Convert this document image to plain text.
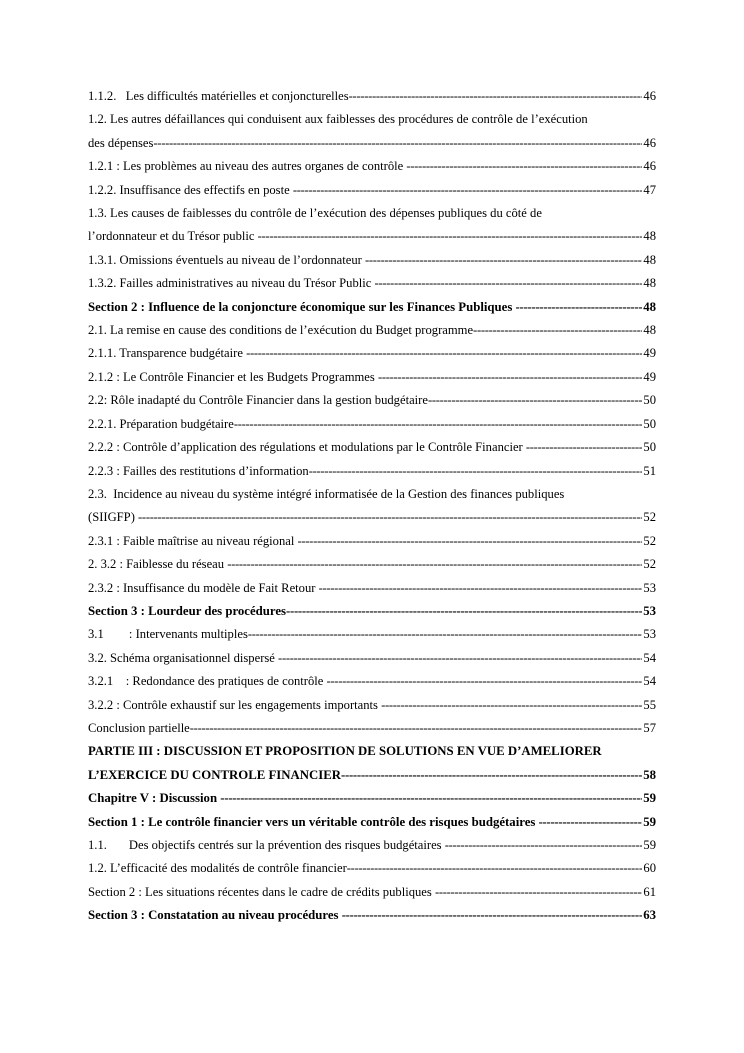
1.1.2.   Les difficultés matérielles et conjoncturelles -----	46
1.2. Les autres défaillances qui conduisent aux faiblesses des procédures de contrôle de l’exécution
des dépenses -----	46
1.2.1 : Les problèmes au niveau des autres organes de contrôle -----	46
1.2.2. Insuffisance des effectifs en poste -----	47
1.3. Les causes de faiblesses du contrôle de l’exécution des dépenses publiques du côté de
l’ordonnateur et du Trésor public -----	48
1.3.1. Omissions éventuels au niveau de l’ordonnateur -----	48
1.3.2. Failles administratives au niveau du Trésor Public -----	48
Section 2 : Influence de la conjoncture économique sur les Finances Publiques -----	48
2.1. La remise en cause des conditions de l’exécution du Budget programme -----	48
2.1.1. Transparence budgétaire -----	49
2.1.2 : Le Contrôle Financier et les Budgets Programmes -----	49
2.2: Rôle inadapté du Contrôle Financier dans la gestion budgétaire -----	50
2.2.1. Préparation budgétaire -----	50
2.2.2 : Contrôle d’application des régulations et modulations par le Contrôle Financier -----	50
2.2.3 : Failles des restitutions d’information -----	51
2.3.  Incidence au niveau du système intégré informatisée de la Gestion des finances publiques
(SIIGFP) -----	52
2.3.1 : Faible maîtrise au niveau régional -----	52
2. 3.2 : Faiblesse du réseau -----	52
2.3.2 : Insuffisance du modèle de Fait Retour -----	53
Section 3 : Lourdeur des procédures -----	53
3.1        : Intervenants multiples -----	53
3.2. Schéma organisationnel dispersé -----	54
3.2.1    : Redondance des pratiques de contrôle -----	54
3.2.2 : Contrôle exhaustif sur les engagements importants -----	55
Conclusion partielle -----	57
PARTIE III : DISCUSSION ET PROPOSITION DE SOLUTIONS EN VUE D’AMELIORER
L’EXERCICE DU CONTROLE FINANCIER -----	58
Chapitre V : Discussion -----	59
Section 1 : Le contrôle financier vers un véritable contrôle des risques budgétaires -----	59
1.1.       Des objectifs centrés sur la prévention des risques budgétaires -----	59
1.2. L’efficacité des modalités de contrôle financier -----	60
Section 2 : Les situations récentes dans le cadre de crédits publiques -----	61
Section 3 : Constatation au niveau procédures -----	63
